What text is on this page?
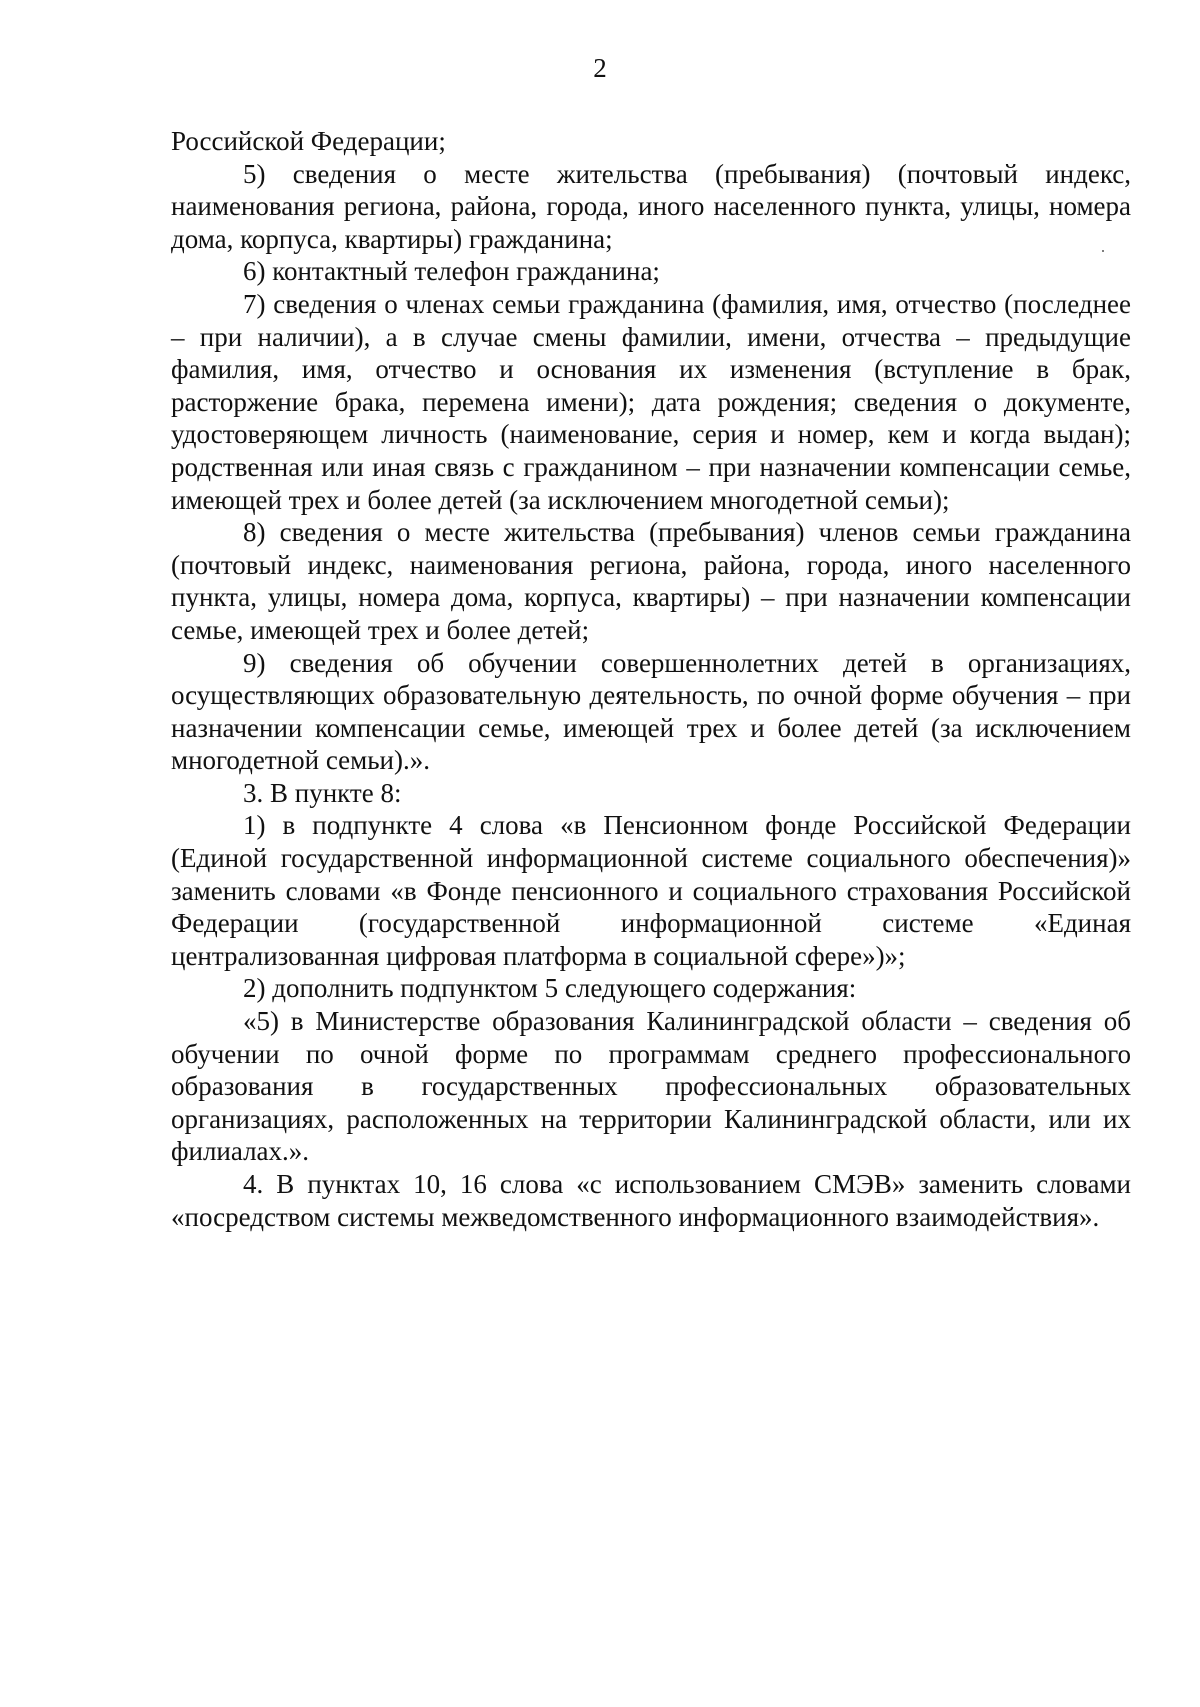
2

Российской Федерации;

5) сведения о месте жительства (пребывания) (почтовый индекс, наименования региона, района, города, иного населенного пункта, улицы, номера дома, корпуса, квартиры) гражданина;

6) контактный телефон гражданина;

7) сведения о членах семьи гражданина (фамилия, имя, отчество (последнее – при наличии), а в случае смены фамилии, имени, отчества – предыдущие фамилия, имя, отчество и основания их изменения (вступление в брак, расторжение брака, перемена имени); дата рождения; сведения о документе, удостоверяющем личность (наименование, серия и номер, кем и когда выдан); родственная или иная связь с гражданином – при назначении компенсации семье, имеющей трех и более детей (за исключением многодетной семьи);

8) сведения о месте жительства (пребывания) членов семьи гражданина (почтовый индекс, наименования региона, района, города, иного населенного пункта, улицы, номера дома, корпуса, квартиры) – при назначении компенсации семье, имеющей трех и более детей;

9) сведения об обучении совершеннолетних детей в организациях, осуществляющих образовательную деятельность, по очной форме обучения – при назначении компенсации семье, имеющей трех и более детей (за исключением многодетной семьи).».

3. В пункте 8:

1) в подпункте 4 слова «в Пенсионном фонде Российской Федерации (Единой государственной информационной системе социального обеспечения)» заменить словами «в Фонде пенсионного и социального страхования Российской Федерации (государственной информационной системе «Единая централизованная цифровая платформа в социальной сфере»)»;

2) дополнить подпунктом 5 следующего содержания:

«5) в Министерстве образования Калининградской области – сведения об обучении по очной форме по программам среднего профессионального образования в государственных профессиональных образовательных организациях, расположенных на территории Калининградской области, или их филиалах.».

4. В пунктах 10, 16 слова «с использованием СМЭВ» заменить словами «посредством системы межведомственного информационного взаимодействия».
